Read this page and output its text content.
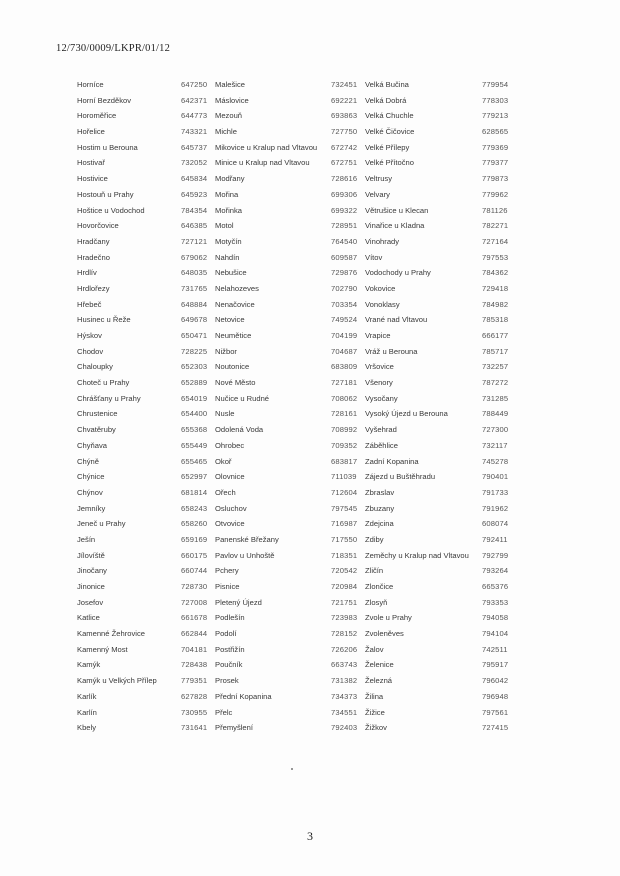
12/730/0009/LKPR/01/12
Horníce	647250 Malešice	732451 Velká Bučina	779954
Horní Bezděkov	642371 Máslovice	692221 Velká Dobrá	778303
Horoměřice	644773 Mezouň	693863 Velká Chuchle	779213
Hořelice	743321 Michle	727750 Velké Čičovice	628565
Hostim u Berouna	645737 Mikovice u Kralup nad Vltavou 672742 Velké Přílepy	779369
Hostivař	732052 Minice u Kralup nad Vltavou	672751 Velké Přítočno	779377
Hostivice	645834 Modřany	728616 Veltrusy	779873
Hostouň u Prahy	645923 Mořina	699306 Velvary	779962
Hoštice u Vodochod	784354 Mořinka	699322 Větrušice u Klecan	781126
Hovorčovice	646385 Motol	728951 Vinařice u Kladna	782271
Hradčany	727121 Motyčín	764540 Vinohrady	727164
Hradečno	679062 Nahdín	609587 Vítov	797553
Hrdlív	648035 Nebušice	729876 Vodochody u Prahy	784362
Hrdlořezy	731765 Nelahozeves	702790 Vokovice	729418
Hřebeč	648884 Nenačovice	703354 Vonoklasy	784982
Husinec u Řeže	649678 Netovice	749524 Vrané nad Vltavou	785318
Hýskov	650471 Neumětice	704199 Vrapice	666177
Chodov	728225 Nižbor	704687 Vráž u Berouna	785717
Chaloupky	652303 Noutonice	683809 Vršovice	732257
Choteč u Prahy	652889 Nové Město	727181 Všenory	787272
Chrášťany u Prahy	654019 Nučice u Rudné	708062 Vysočany	731285
Chrustenice	654400 Nusle	728161 Vysoký Újezd u Berouna	788449
Chvatěruby	655368 Odolená Voda	708992 Vyšehrad	727300
Chyňava	655449 Ohrobec	709352 Záběhlice	732117
Chýně	655465 Okoř	683817 Zadní Kopanina	745278
Chýnice	652997 Olovnice	711039 Zájezd u Buštěhradu	790401
Chýnov	681814 Ořech	712604 Zbraslav	791733
Jemníky	658243 Osluchov	797545 Zbuzany	791962
Jeneč u Prahy	658260 Otvovice	716987 Zdejcina	608074
Ješín	659169 Panenské Břežany	717550 Zdiby	792411
Jílovíště	660175 Pavlov u Unhoště	718351 Zeměchy u Kralup nad Vltavou 792799
Jinočany	660744 Pchery	720542 Zličín	793264
Jinonice	728730 Pisnice	720984 Zlončice	665376
Josefov	727008 Pletený Újezd	721751 Zlosyň	793353
Katlice	661678 Podlešín	723983 Zvole u Prahy	794058
Kamenné Žehrovice	662844 Podolí	728152 Zvoleněves	794104
Kamenný Most	704181 Postřižín	726206 Žalov	742511
Kamýk	728438 Poučník	663743 Želenice	795917
Kamýk u Velkých Přílep	779351 Prosek	731382 Železná	796042
Karlík	627828 Přední Kopanina	734373 Žilina	796948
Karlín	730955 Přelc	734551 Žižice	797561
Kbely	731641 Přemyšlení	792403 Žižkov	727415
3
